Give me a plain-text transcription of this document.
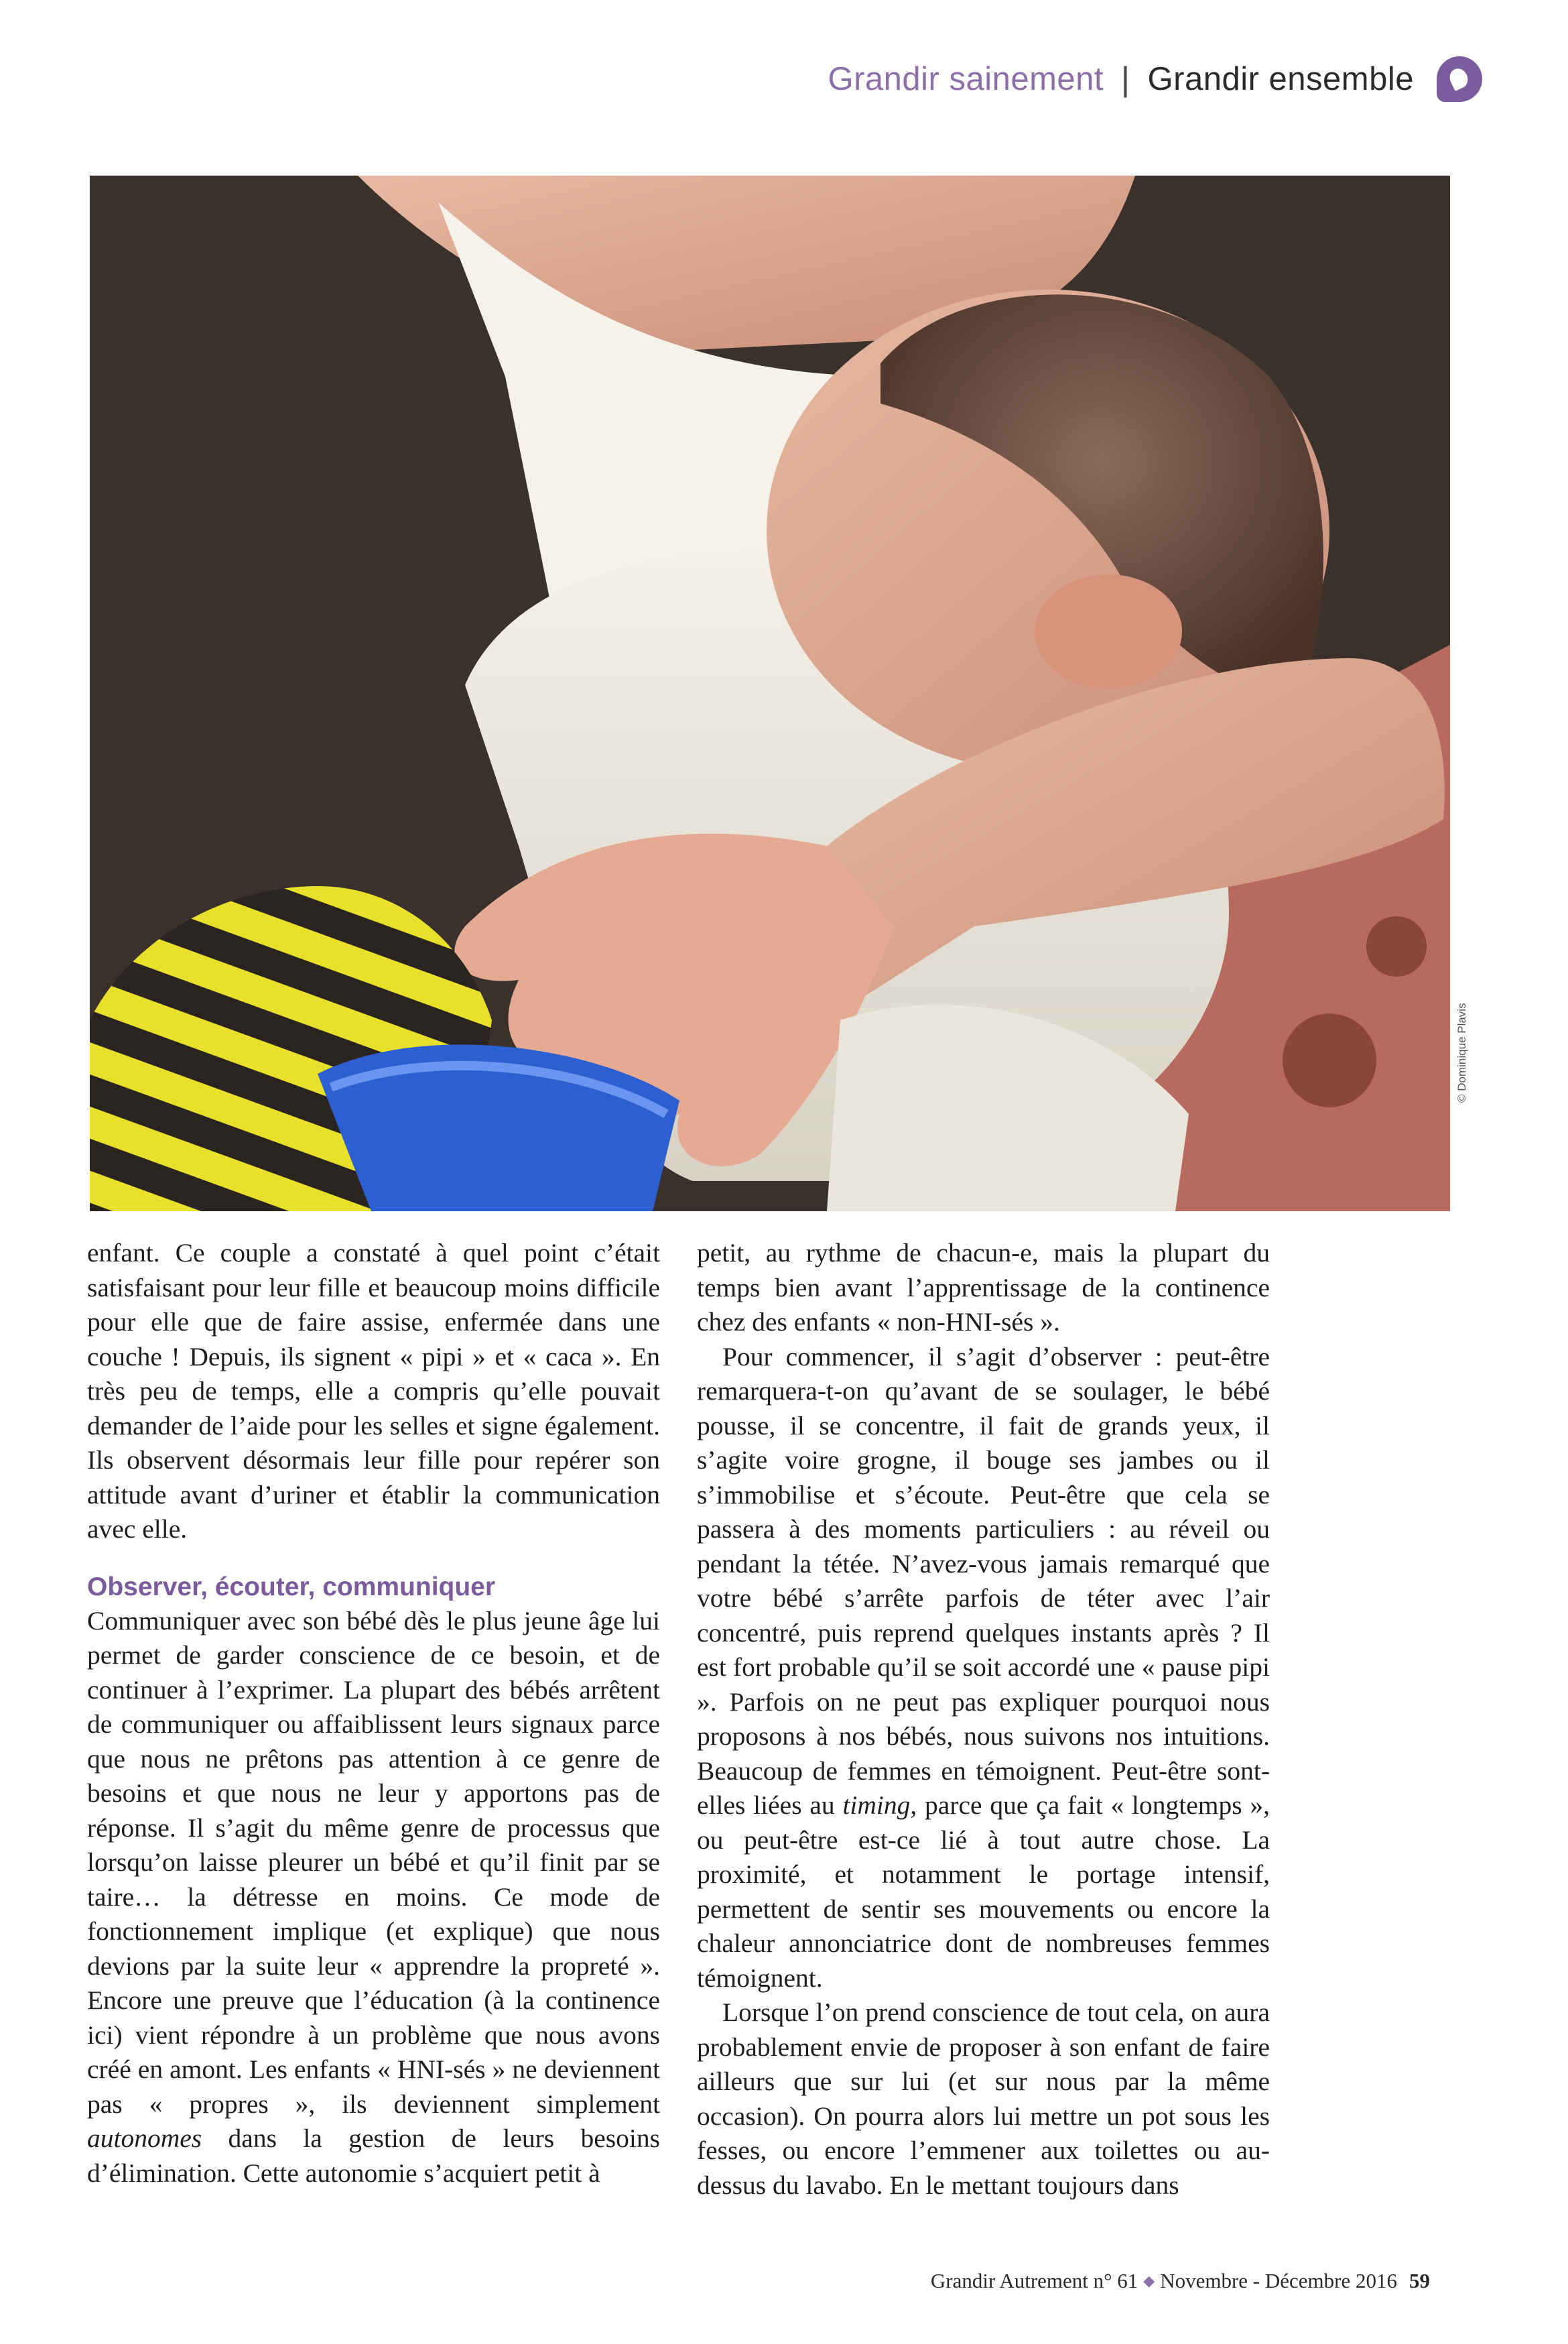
Grandir sainement | Grandir ensemble
© Dominique Plavis

enfant. Ce couple a constaté à quel point c’était satisfaisant pour leur fille et beaucoup moins difficile pour elle que de faire assise, enfermée dans une couche ! Depuis, ils signent « pipi » et « caca ». En très peu de temps, elle a compris qu’elle pouvait demander de l’aide pour les selles et signe également. Ils observent désormais leur fille pour repérer son attitude avant d’uriner et établir la communication avec elle.

Observer, écouter, communiquer

Communiquer avec son bébé dès le plus jeune âge lui permet de garder conscience de ce besoin, et de continuer à l’exprimer. La plupart des bébés arrêtent de communiquer ou affaiblissent leurs signaux parce que nous ne prêtons pas attention à ce genre de besoins et que nous ne leur y apportons pas de réponse. Il s’agit du même genre de processus que lorsqu’on laisse pleurer un bébé et qu’il finit par se taire… la détresse en moins. Ce mode de fonctionnement implique (et explique) que nous devions par la suite leur « apprendre la propreté ». Encore une preuve que l’éducation (à la continence ici) vient répondre à un problème que nous avons créé en amont. Les enfants « HNI-sés » ne deviennent pas « propres », ils deviennent simplement autonomes dans la gestion de leurs besoins d’élimination. Cette autonomie s’acquiert petit à

petit, au rythme de chacun-e, mais la plupart du temps bien avant l’apprentissage de la continence chez des enfants « non-HNI-sés ».

Pour commencer, il s’agit d’observer : peut-être remarquera-t-on qu’avant de se soulager, le bébé pousse, il se concentre, il fait de grands yeux, il s’agite voire grogne, il bouge ses jambes ou il s’immobilise et s’écoute. Peut-être que cela se passera à des moments particuliers : au réveil ou pendant la tétée. N’avez-vous jamais remarqué que votre bébé s’arrête parfois de téter avec l’air concentré, puis reprend quelques instants après ? Il est fort probable qu’il se soit accordé une « pause pipi ». Parfois on ne peut pas expliquer pourquoi nous proposons à nos bébés, nous suivons nos intuitions. Beaucoup de femmes en témoignent. Peut-être sont-elles liées au timing, parce que ça fait « longtemps », ou peut-être est-ce lié à tout autre chose. La proximité, et notamment le portage intensif, permettent de sentir ses mouvements ou encore la chaleur annonciatrice dont de nombreuses femmes témoignent.

Lorsque l’on prend conscience de tout cela, on aura probablement envie de proposer à son enfant de faire ailleurs que sur lui (et sur nous par la même occasion). On pourra alors lui mettre un pot sous les fesses, ou encore l’emmener aux toilettes ou au-dessus du lavabo. En le mettant toujours dans

Grandir Autrement n° 61 ◆ Novembre - Décembre 2016 59
